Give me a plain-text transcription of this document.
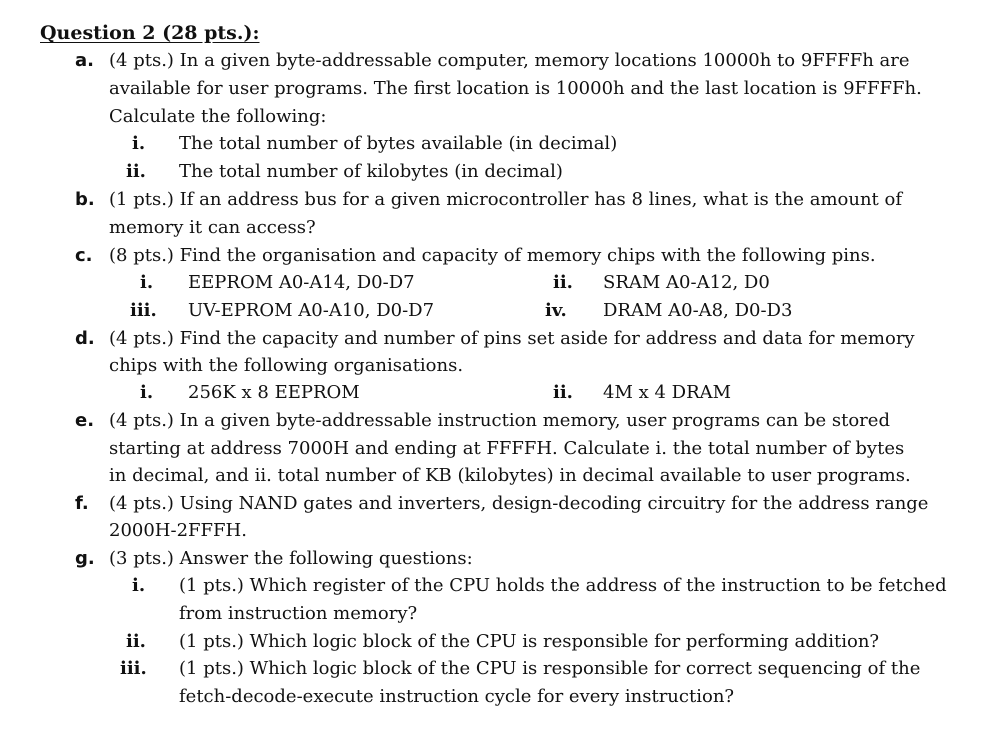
Question 2 (28 pts.):
a. (4 pts.) In a given byte-addressable computer, memory locations 10000h to 9FFFFh are
available for user programs. The first location is 10000h and the last location is 9FFFFh.
Calculate the following:
i. The total number of bytes available (in decimal)
ii. The total number of kilobytes (in decimal)
b. (1 pts.) If an address bus for a given microcontroller has 8 lines, what is the amount of
memory it can access?
c. (8 pts.) Find the organisation and capacity of memory chips with the following pins.
i. EEPROM A0-A14, D0-D7	ii. SRAM A0-A12, D0
iii. UV-EPROM A0-A10, D0-D7	iv. DRAM A0-A8, D0-D3
d. (4 pts.) Find the capacity and number of pins set aside for address and data for memory
chips with the following organisations.
i. 256K x 8 EEPROM	ii. 4M x 4 DRAM
e. (4 pts.) In a given byte-addressable instruction memory, user programs can be stored
starting at address 7000H and ending at FFFFH. Calculate i. the total number of bytes
in decimal, and ii. total number of KB (kilobytes) in decimal available to user programs.
f. (4 pts.) Using NAND gates and inverters, design-decoding circuitry for the address range
2000H-2FFFH.
g. (3 pts.) Answer the following questions:
i. (1 pts.) Which register of the CPU holds the address of the instruction to be fetched
from instruction memory?
ii. (1 pts.) Which logic block of the CPU is responsible for performing addition?
iii. (1 pts.) Which logic block of the CPU is responsible for correct sequencing of the
fetch-decode-execute instruction cycle for every instruction?
